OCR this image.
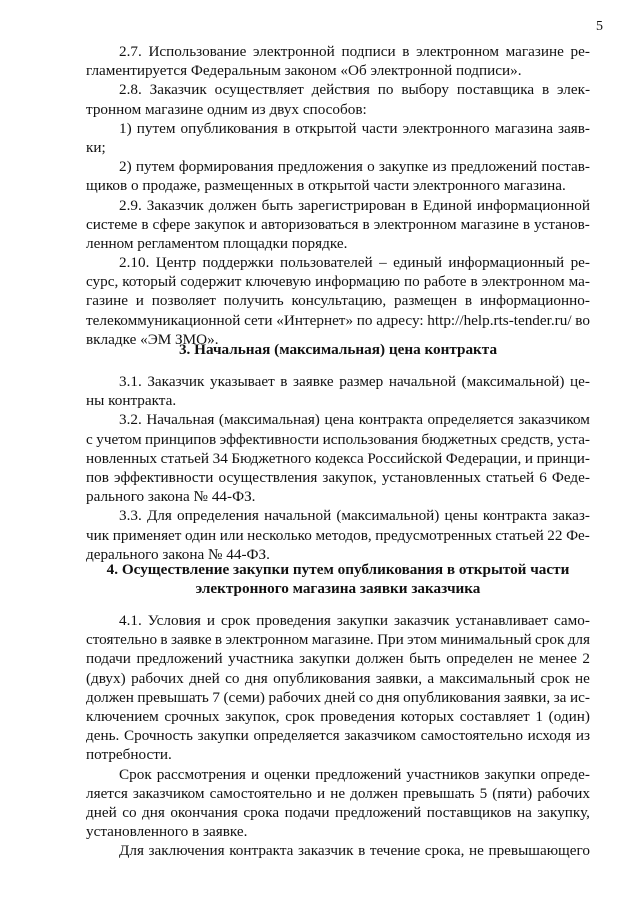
5
2.7. Использование электронной подписи в электронном магазине ре-
гламентируется Федеральным законом «Об электронной подписи».
2.8. Заказчик осуществляет действия по выбору поставщика в элек-
тронном магазине одним из двух способов:
1) путем опубликования в открытой части электронного магазина заяв-
ки;
2) путем формирования предложения о закупке из предложений постав-
щиков о продаже, размещенных в открытой части электронного магазина.
2.9. Заказчик должен быть зарегистрирован в Единой информационной
системе в сфере закупок и авторизоваться в электронном магазине в установ-
ленном регламентом площадки порядке.
2.10. Центр поддержки пользователей – единый информационный ре-
сурс, который содержит ключевую информацию по работе в электронном ма-
газине и позволяет получить консультацию, размещен в информационно-
телекоммуникационной сети «Интернет» по адресу: http://help.rts-tender.ru/ во
вкладке «ЭМ ЗМО».
3. Начальная (максимальная) цена контракта
3.1. Заказчик указывает в заявке размер начальной (максимальной) це-
ны контракта.
3.2. Начальная (максимальная) цена контракта определяется заказчиком
с учетом принципов эффективности использования бюджетных средств, уста-
новленных статьей 34 Бюджетного кодекса Российской Федерации, и принци-
пов эффективности осуществления закупок, установленных статьей 6 Феде-
рального закона № 44-ФЗ.
3.3. Для определения начальной (максимальной) цены контракта заказ-
чик применяет один или несколько методов, предусмотренных статьей 22 Фе-
дерального закона № 44-ФЗ.
4. Осуществление закупки путем опубликования в открытой части
электронного магазина заявки заказчика
4.1. Условия и срок проведения закупки заказчик устанавливает само-
стоятельно в заявке в электронном магазине. При этом минимальный срок для
подачи предложений участника закупки должен быть определен не менее 2
(двух) рабочих дней со дня опубликования заявки, а максимальный срок не
должен превышать 7 (семи) рабочих дней со дня опубликования заявки, за ис-
ключением срочных закупок, срок проведения которых составляет 1 (один)
день. Срочность закупки определяется заказчиком самостоятельно исходя из
потребности.
Срок рассмотрения и оценки предложений участников закупки опреде-
ляется заказчиком самостоятельно и не должен превышать 5 (пяти) рабочих
дней со дня окончания срока подачи предложений поставщиков на закупку,
установленного в заявке.
Для заключения контракта заказчик в течение срока, не превышающего
